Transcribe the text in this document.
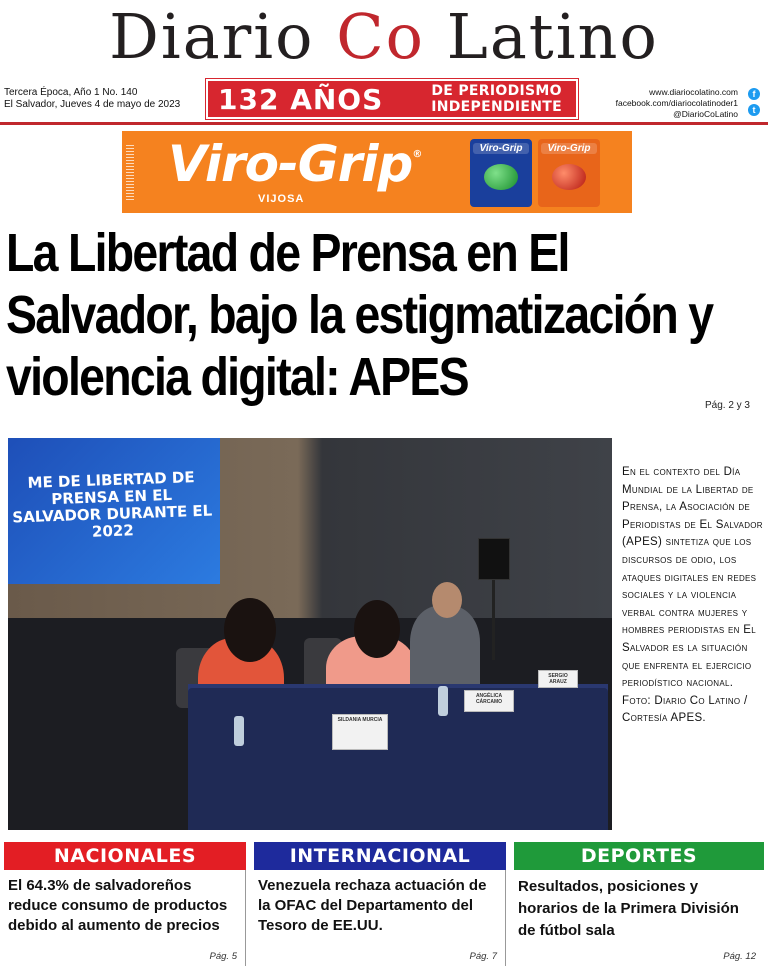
Diario Co Latino
Tercera Época, Año 1 No. 140
El Salvador, Jueves 4 de mayo de 2023	132 AÑOS	DE PERIODISMO
INDEPENDIENTE
www.diariocolatino.com
facebook.com/diariocolatinoder1
@DiarioCoLatino
f
t
Viro-Grip®
VIJOSA
Viro-Grip	Viro-Grip
La Libertad de Prensa en El Salvador, bajo la estigmatización y violencia digital: APES	Pág. 2 y 3
ME DE LIBERTAD DE PRENSA EN EL SALVADOR DURANTE EL 2022
SILDANIA MURCIA
ANGÉLICA CÁRCAMO
SERGIO ARAUZ
En el contexto del Día Mundial de la Libertad de Prensa, la Asociación de Periodistas de El Salvador (APES) sintetiza que los discursos de odio, los ataques digitales en redes sociales y la violencia verbal contra mujeres y hombres periodistas en El Salvador es la situación que enfrenta el ejercicio periodístico nacional. Foto: Diario Co Latino / Cortesía APES.
NACIONALES
El 64.3% de salvadoreños reduce consumo de productos debido al aumento de precios
Pág. 5
INTERNACIONAL
Venezuela rechaza actuación de la OFAC del Departamento del Tesoro de EE.UU.
Pág. 7
DEPORTES
Resultados, posiciones y horarios de la Primera División de fútbol sala
Pág. 12
